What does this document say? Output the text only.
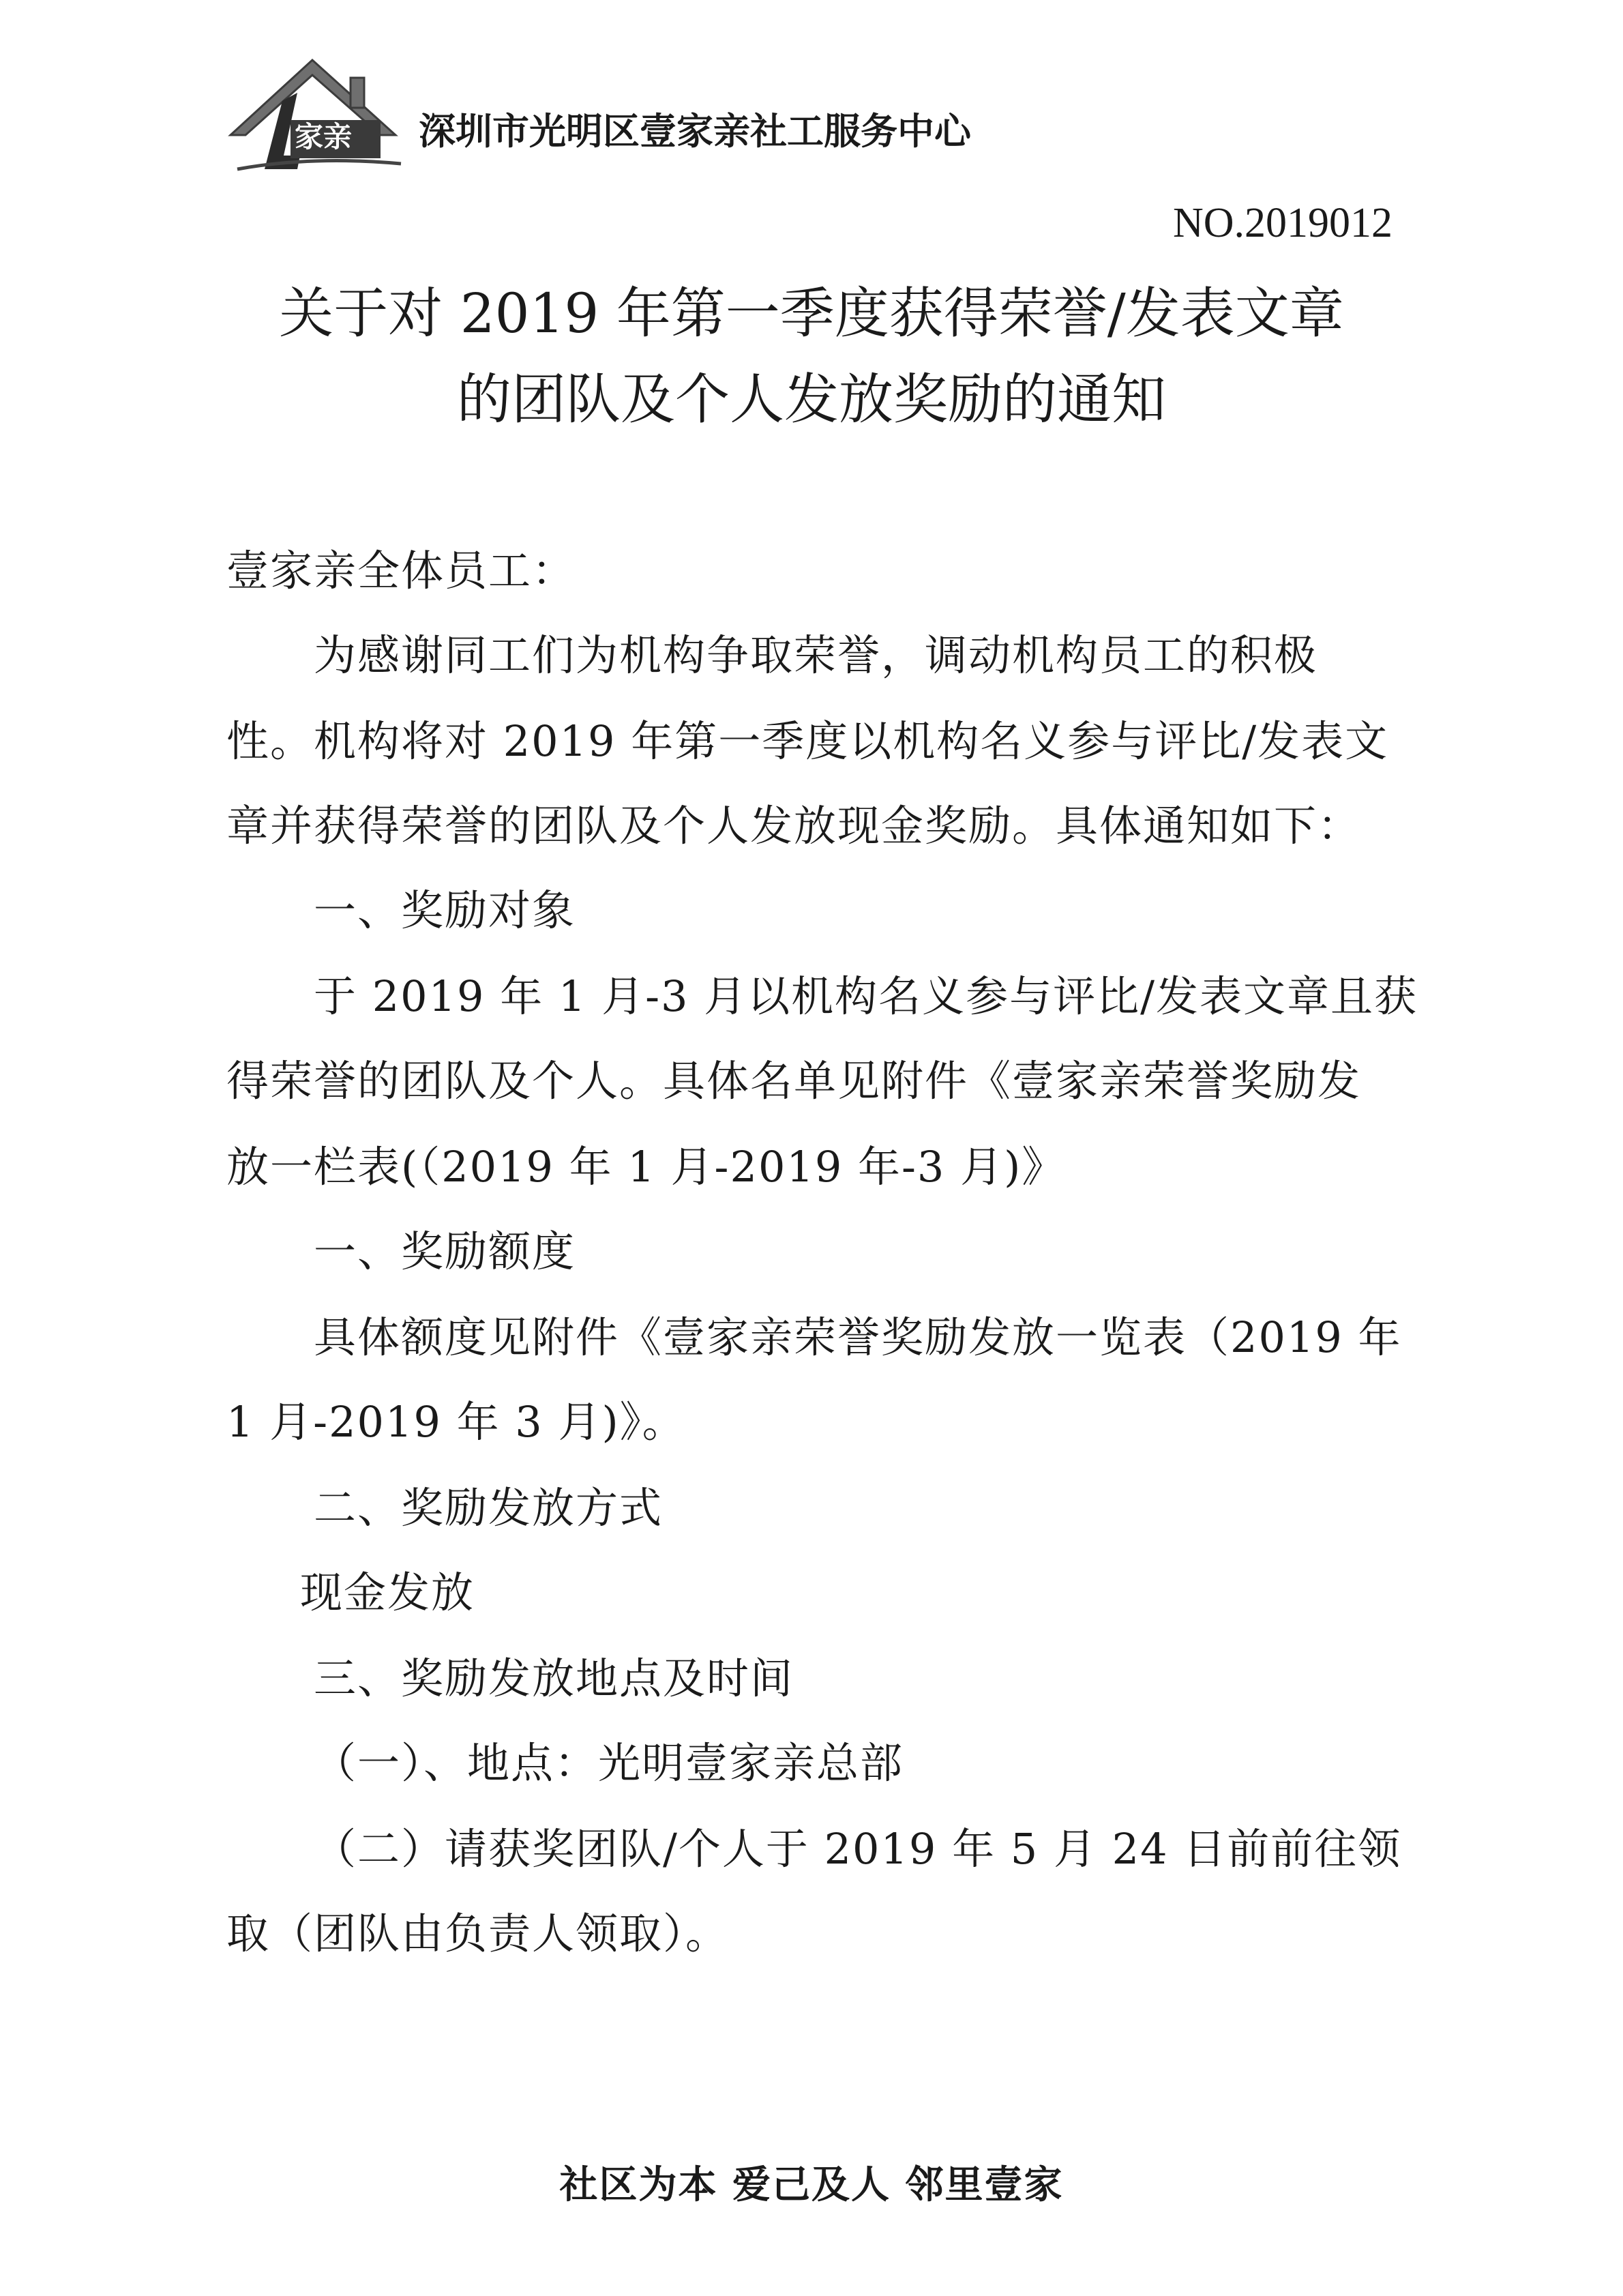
家亲 深圳市光明区壹家亲社工服务中心
NO.2019012
关于对 2019 年第一季度获得荣誉/发表文章
的团队及个人发放奖励的通知
壹家亲全体员工：
为感谢同工们为机构争取荣誉，调动机构员工的积极
性。机构将对 2019 年第一季度以机构名义参与评比/发表文
章并获得荣誉的团队及个人发放现金奖励。具体通知如下：
一、奖励对象
于 2019 年 1 月-3 月以机构名义参与评比/发表文章且获
得荣誉的团队及个人。具体名单见附件《壹家亲荣誉奖励发
放一栏表(（2019 年 1 月-2019 年-3 月)》
一、奖励额度
具体额度见附件《壹家亲荣誉奖励发放一览表（2019 年
1 月-2019 年 3 月)》。
二、奖励发放方式
现金发放
三、奖励发放地点及时间
（一）、地点：光明壹家亲总部
（二）请获奖团队/个人于 2019 年 5 月 24 日前前往领
取（团队由负责人领取）。
社区为本 爱己及人 邻里壹家
